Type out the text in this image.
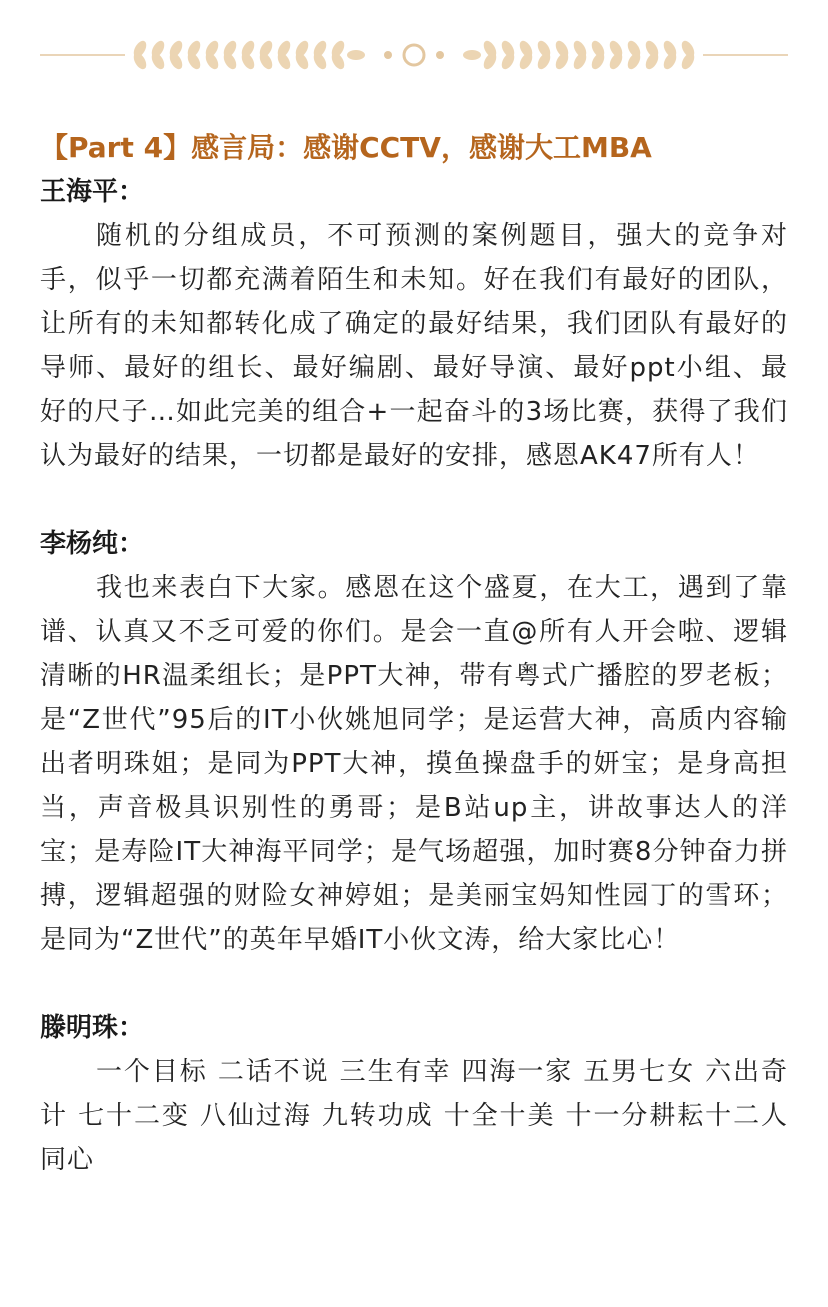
【Part 4】感言局：感谢CCTV，感谢大工MBA

王海平：

随机的分组成员，不可预测的案例题目，强大的竞争对手，似乎一切都充满着陌生和未知。好在我们有最好的团队，让所有的未知都转化成了确定的最好结果，我们团队有最好的导师、最好的组长、最好编剧、最好导演、最好ppt小组、最好的尺子…如此完美的组合+一起奋斗的3场比赛，获得了我们认为最好的结果，一切都是最好的安排，感恩AK47所有人！

李杨纯：

我也来表白下大家。感恩在这个盛夏，在大工，遇到了靠谱、认真又不乏可爱的你们。是会一直@所有人开会啦、逻辑清晰的HR温柔组长；是PPT大神，带有粤式广播腔的罗老板；是“Z世代”95后的IT小伙姚旭同学；是运营大神，高质内容输出者明珠姐；是同为PPT大神，摸鱼操盘手的妍宝；是身高担当，声音极具识别性的勇哥；是B站up主，讲故事达人的洋宝；是寿险IT大神海平同学；是气场超强，加时赛8分钟奋力拼搏，逻辑超强的财险女神婷姐；是美丽宝妈知性园丁的雪环；是同为“Z世代”的英年早婚IT小伙文涛，给大家比心！

滕明珠：

一个目标 二话不说 三生有幸 四海一家 五男七女 六出奇计 七十二变 八仙过海 九转功成 十全十美 十一分耕耘十二人同心
